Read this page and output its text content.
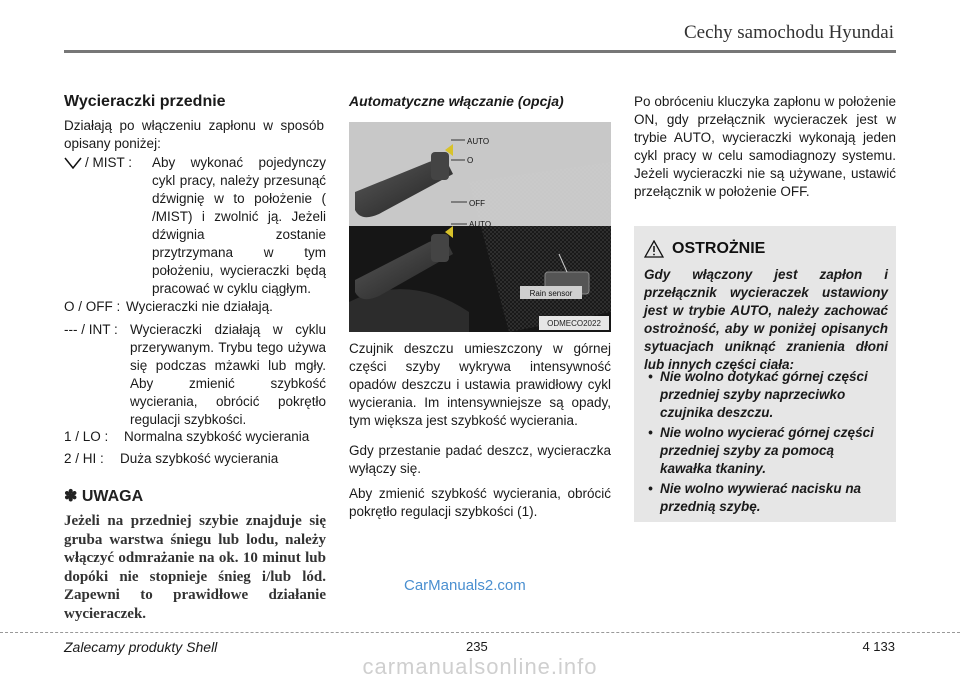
Cechy samochodu Hyundai
Wycieraczki przednie
Działają po włączeniu zapłonu w sposób opisany poniżej:
/ MIST : Aby wykonać pojedynczy cykl pracy, należy przesunąć dźwignię w to położenie ( /MIST) i zwolnić ją. Jeżeli dźwignia zostanie przytrzymana w tym położeniu, wycieraczki będą pracować w cyklu ciągłym.
O / OFF : Wycieraczki nie działają.
--- / INT : Wycieraczki działają w cyklu przerywanym. Trybu tego używa się podczas mżawki lub mgły. Aby zmienić szybkość wycierania, obrócić pokrętło regulacji szybkości.
1 / LO : Normalna szybkość wycierania
2 / HI : Duża szybkość wycierania
✽ UWAGA
Jeżeli na przedniej szybie znajduje się gruba warstwa śniegu lub lodu, należy włączyć odmrażanie na ok. 10 minut lub dopóki nie stopnieje śnieg i/lub lód. Zapewni to prawidłowe działanie wycieraczek.
Automatyczne włączanie (opcja)
AUTO
O
OFF
AUTO
Rain sensor
ODMECO2022
Czujnik deszczu umieszczony w górnej części szyby wykrywa intensywność opadów deszczu i ustawia prawidłowy cykl wycierania. Im intensywniejsze są opady, tym większa jest szybkość wycierania.
Gdy przestanie padać deszcz, wycieraczka wyłączy się.
Aby zmienić szybkość wycierania, obrócić pokrętło regulacji szybkości (1).
Po obróceniu kluczyka zapłonu w położenie ON, gdy przełącznik wycieraczek jest w trybie AUTO, wycieraczki wykonają jeden cykl pracy w celu samodiagnozy systemu. Jeżeli wycieraczki nie są używane, ustawić przełącznik w położenie OFF.
OSTROŻNIE
Gdy włączony jest zapłon i przełącznik wycieraczek ustawiony jest w trybie AUTO, należy zachować ostrożność, aby w poniżej opisanych sytuacjach uniknąć zranienia dłoni lub innych części ciała:
• Nie wolno dotykać górnej części przedniej szyby naprzeciwko czujnika deszczu.
• Nie wolno wycierać górnej części przedniej szyby za pomocą kawałka tkaniny.
• Nie wolno wywierać nacisku na przednią szybę.
CarManuals2.com
Zalecamy produkty Shell	235	4 133
carmanualsonline.info
